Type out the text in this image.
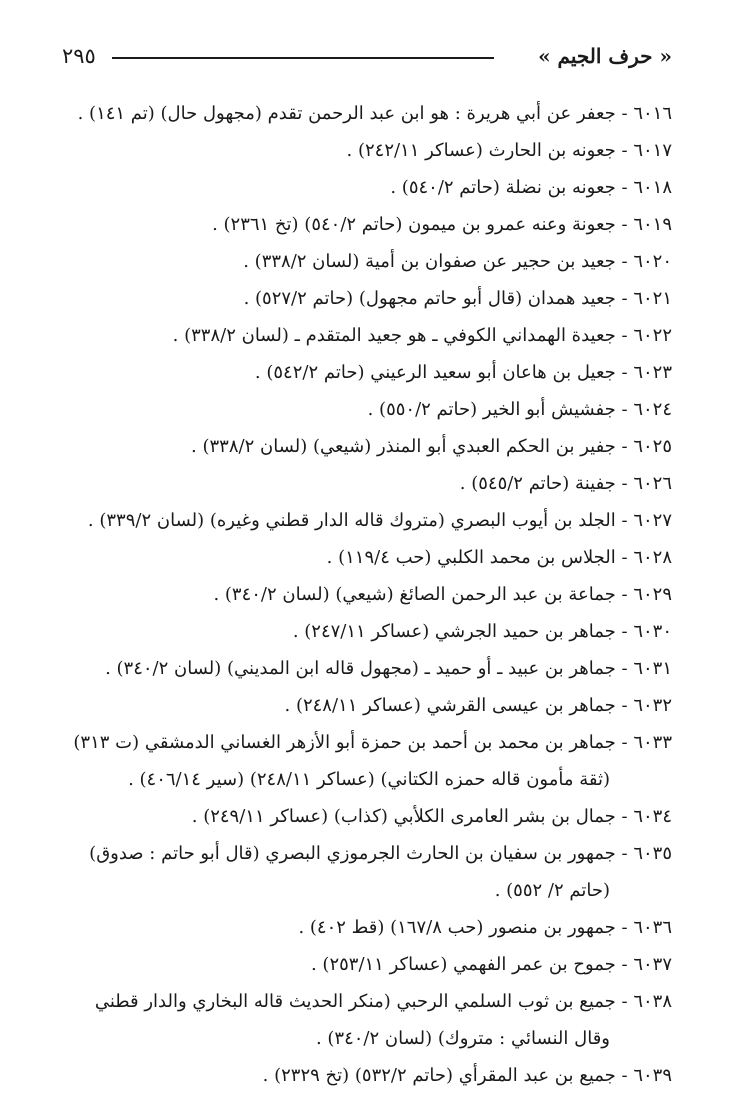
٢٩٥	« حرف الجيم »

٦٠١٦ - جعفر عن أبي هريرة : هو ابن عبد الرحمن تقدم (مجهول حال) (تم ١٤١) .

٦٠١٧ - جعونه بن الحارث (عساكر ٢٤٢/١١) .

٦٠١٨ - جعونه بن نضلة (حاتم ٥٤٠/٢) .

٦٠١٩ - جعونة وعنه عمرو بن ميمون (حاتم ٥٤٠/٢) (تخ ٢٣٦١) .

٦٠٢٠ - جعيد بن حجير عن صفوان بن أمية (لسان ٣٣٨/٢) .

٦٠٢١ - جعيد همدان (قال أبو حاتم مجهول) (حاتم ٥٢٧/٢) .

٦٠٢٢ - جعيدة الهمداني الكوفي ـ هو جعيد المتقدم ـ (لسان ٣٣٨/٢) .

٦٠٢٣ - جعيل بن هاعان أبو سعيد الرعيني (حاتم ٥٤٢/٢) .

٦٠٢٤ - جفشيش أبو الخير (حاتم ٥٥٠/٢) .

٦٠٢٥ - جفير بن الحكم العبدي أبو المنذر (شيعي) (لسان ٣٣٨/٢) .

٦٠٢٦ - جفينة (حاتم ٥٤٥/٢) .

٦٠٢٧ - الجلد بن أيوب البصري (متروك قاله الدار قطني وغيره) (لسان ٣٣٩/٢) .

٦٠٢٨ - الجلاس بن محمد الكلبي (حب ١١٩/٤) .

٦٠٢٩ - جماعة بن عبد الرحمن الصائغ (شيعي) (لسان ٣٤٠/٢) .

٦٠٣٠ - جماهر بن حميد الجرشي (عساكر ٢٤٧/١١) .

٦٠٣١ - جماهر بن عبيد ـ أو حميد ـ (مجهول قاله ابن المديني) (لسان ٣٤٠/٢) .

٦٠٣٢ - جماهر بن عيسى القرشي (عساكر ٢٤٨/١١) .

٦٠٣٣ - جماهر بن محمد بن أحمد بن حمزة أبو الأزهر الغساني الدمشقي (ت ٣١٣) (ثقة مأمون قاله حمزه الكتاني) (عساكر ٢٤٨/١١) (سير ٤٠٦/١٤) .

٦٠٣٤ - جمال بن بشر العامرى الكلأبي (كذاب) (عساكر ٢٤٩/١١) .

٦٠٣٥ - جمهور بن سفيان بن الحارث الجرموزي البصري (قال أبو حاتم : صدوق) (حاتم ٢/ ٥٥٢) .

٦٠٣٦ - جمهور بن منصور (حب ١٦٧/٨) (قط ٤٠٢) .

٦٠٣٧ - جموح بن عمر الفهمي (عساكر ٢٥٣/١١) .

٦٠٣٨ - جميع بن ثوب السلمي الرحبي (منكر الحديث قاله البخاري والدار قطني وقال النسائي : متروك) (لسان ٣٤٠/٢) .

٦٠٣٩ - جميع بن عبد المقرأي (حاتم ٥٣٢/٢) (تخ ٢٣٢٩) .
